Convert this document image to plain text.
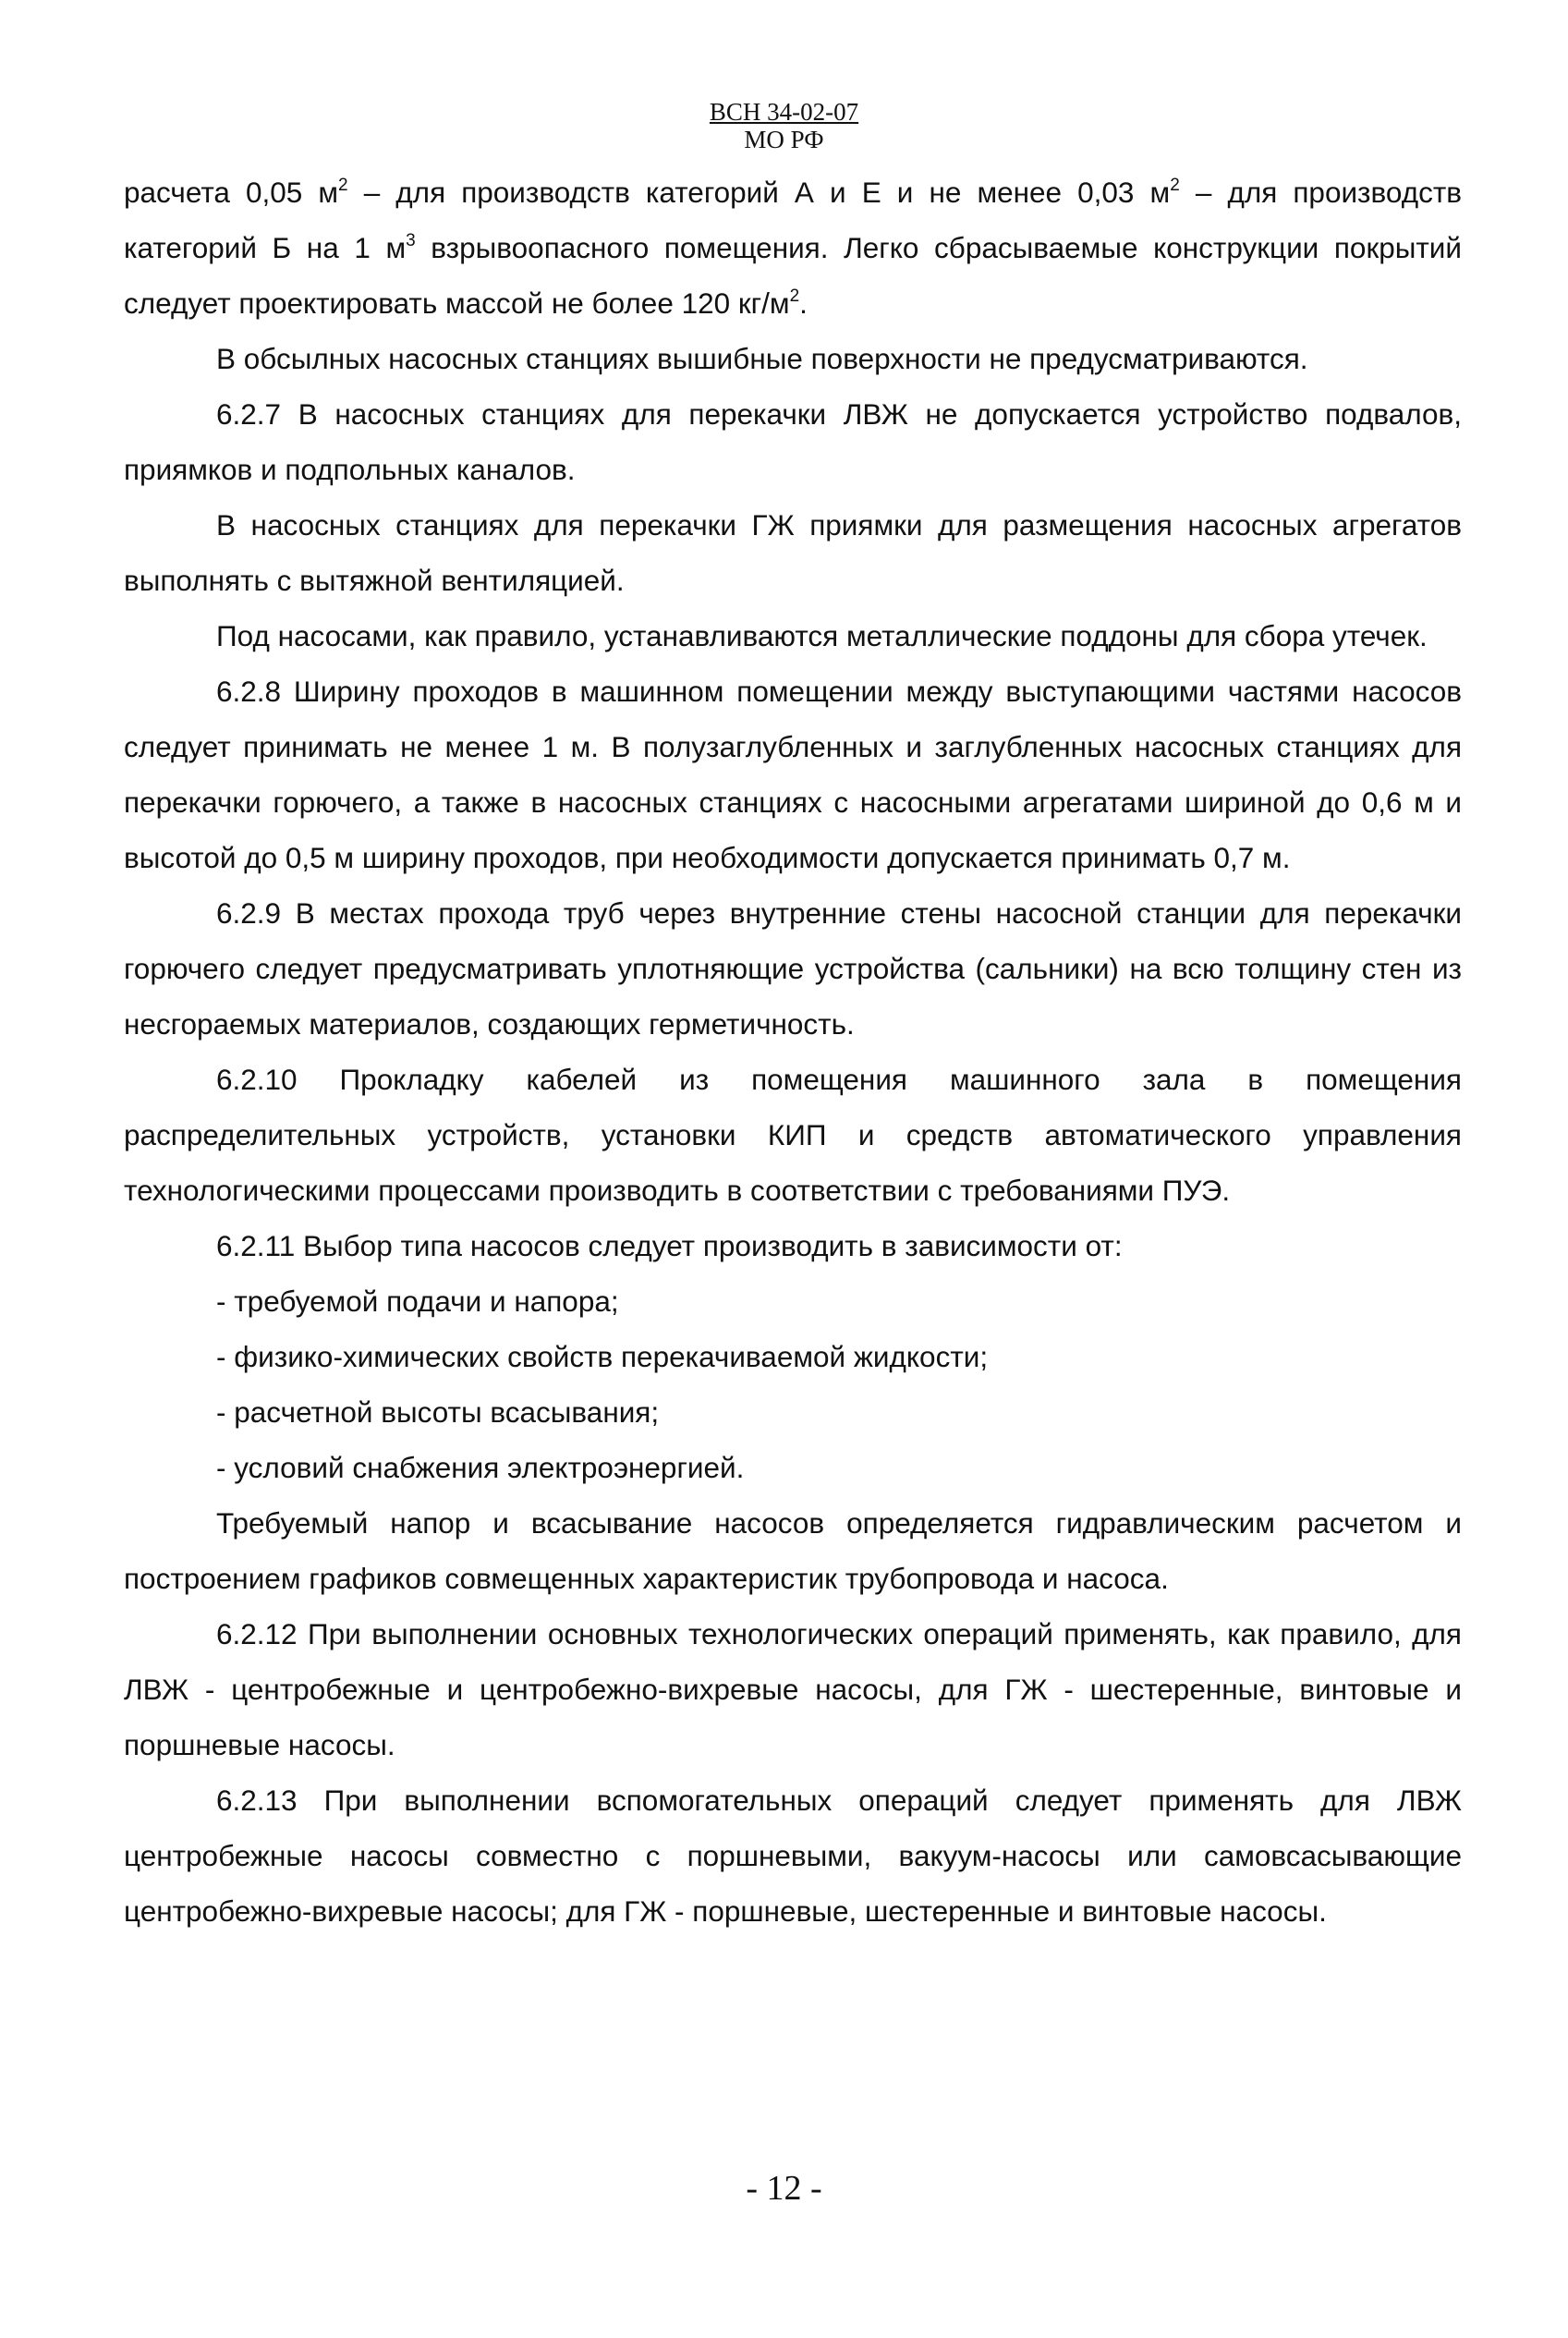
ВСН 34-02-07
МО РФ

расчета 0,05 $м^2$ – для производств категорий А и Е и не менее 0,03 $м^2$ – для производств категорий Б на 1 $м^3$ взрывоопасного помещения. Легко сбрасываемые конструкции покрытий следует проектировать массой не более 120 $кг/м^2$.

В обсылных насосных станциях вышибные поверхности не предусматриваются.

6.2.7 В насосных станциях для перекачки ЛВЖ не допускается устройство подвалов, приямков и подпольных каналов.

В насосных станциях для перекачки ГЖ приямки для размещения насосных агрегатов выполнять с вытяжной вентиляцией.

Под насосами, как правило, устанавливаются металлические поддоны для сбора утечек.

6.2.8 Ширину проходов в машинном помещении между выступающими частями насосов следует принимать не менее 1 м. В полузаглубленных и заглубленных насосных станциях для перекачки горючего, а также в насосных станциях с насосными агрегатами шириной до 0,6 м и высотой до 0,5 м ширину проходов, при необходимости допускается принимать 0,7 м.

6.2.9 В местах прохода труб через внутренние стены насосной станции для перекачки горючего следует предусматривать уплотняющие устройства (сальники) на всю толщину стен из несгораемых материалов, создающих герметичность.

6.2.10 Прокладку кабелей из помещения машинного зала в помещения распределительных устройств, установки КИП и средств автоматического управления технологическими процессами производить в соответствии с требованиями ПУЭ.

6.2.11 Выбор типа насосов следует производить в зависимости от:

- требуемой подачи и напора;

- физико-химических свойств перекачиваемой жидкости;

- расчетной высоты всасывания;

- условий снабжения электроэнергией.

Требуемый напор и всасывание насосов определяется гидравлическим расчетом и построением графиков совмещенных характеристик трубопровода и насоса.

6.2.12 При выполнении основных технологических операций применять, как правило, для ЛВЖ - центробежные и центробежно-вихревые насосы, для ГЖ - шестеренные, винтовые и поршневые насосы.

6.2.13 При выполнении вспомогательных операций следует применять для ЛВЖ центробежные насосы совместно с поршневыми, вакуум-насосы или самовсасывающие центробежно-вихревые насосы; для ГЖ - поршневые, шестеренные и винтовые насосы.

- 12 -
